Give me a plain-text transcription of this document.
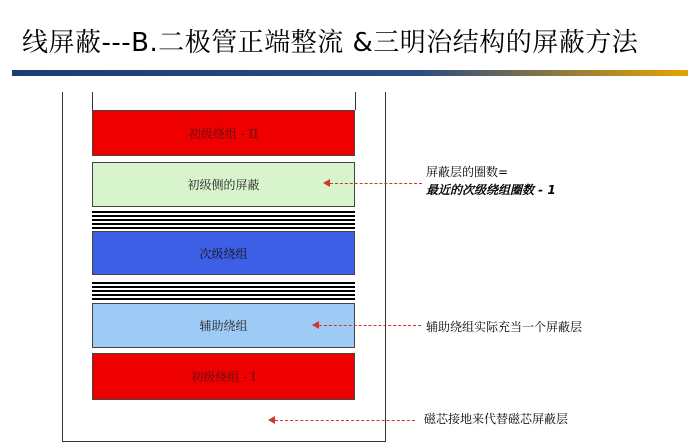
线屏蔽---B.二极管正端整流 &三明治结构的屏蔽方法
初级绕组 - II
初级侧的屏蔽
次级绕组
辅助绕组
初级绕组 - I
屏蔽层的圈数=
最近的次级绕组圈数 - 1
辅助绕组实际充当一个屏蔽层
磁芯接地来代替磁芯屏蔽层
